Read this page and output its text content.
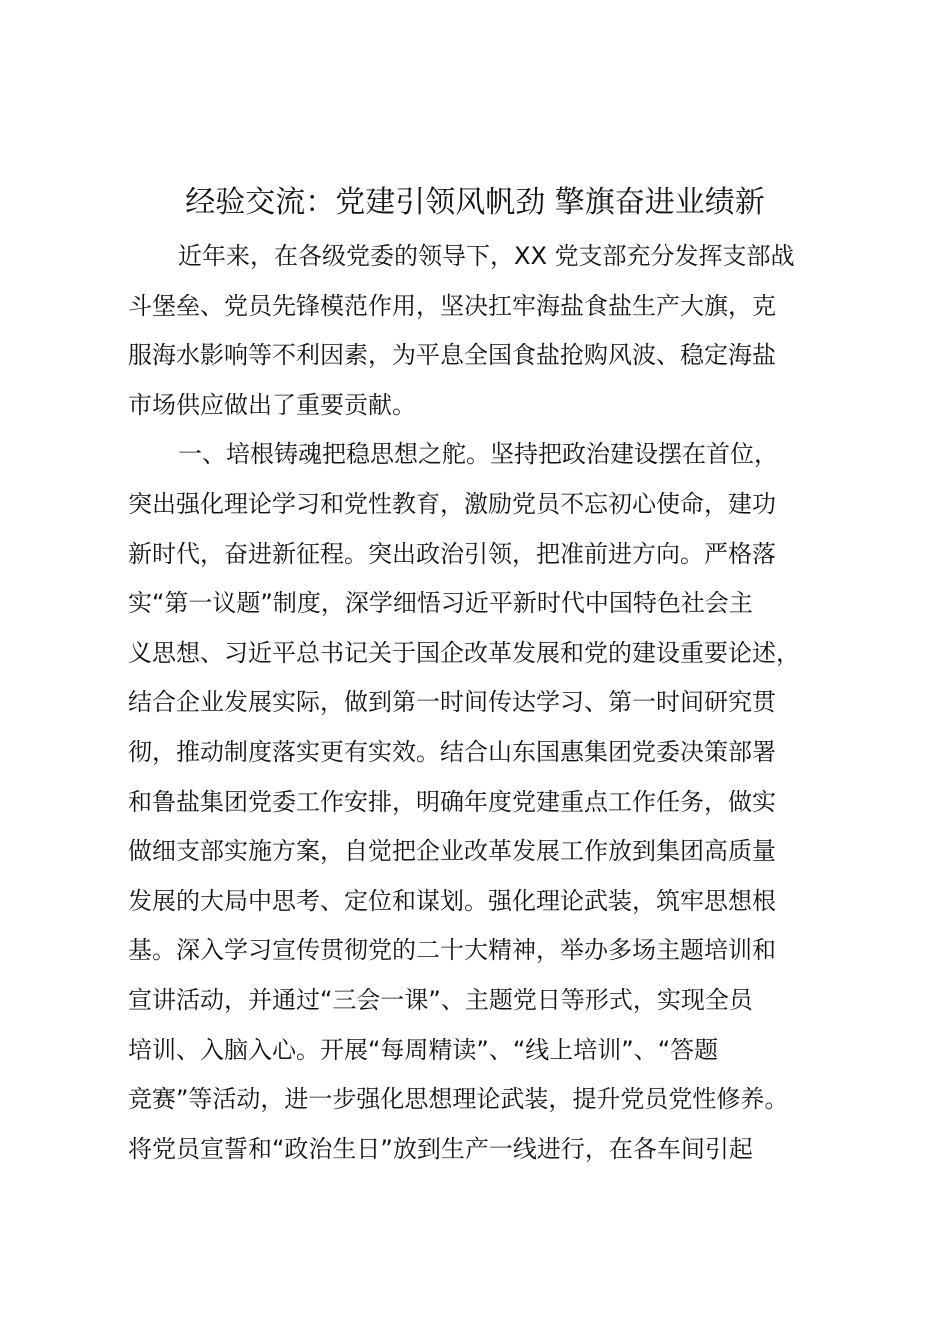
经验交流：党建引领风帆劲 擎旗奋进业绩新
近年来，在各级党委的领导下，XX 党支部充分发挥支部战
斗堡垒、党员先锋模范作用，坚决扛牢海盐食盐生产大旗，克
服海水影响等不利因素，为平息全国食盐抢购风波、稳定海盐
市场供应做出了重要贡献。
一、培根铸魂把稳思想之舵。坚持把政治建设摆在首位，
突出强化理论学习和党性教育，激励党员不忘初心使命，建功
新时代，奋进新征程。突出政治引领，把准前进方向。严格落
实“第一议题”制度，深学细悟习近平新时代中国特色社会主
义思想、习近平总书记关于国企改革发展和党的建设重要论述，
结合企业发展实际，做到第一时间传达学习、第一时间研究贯
彻，推动制度落实更有实效。结合山东国惠集团党委决策部署
和鲁盐集团党委工作安排，明确年度党建重点工作任务，做实
做细支部实施方案，自觉把企业改革发展工作放到集团高质量
发展的大局中思考、定位和谋划。强化理论武装，筑牢思想根
基。深入学习宣传贯彻党的二十大精神，举办多场主题培训和
宣讲活动，并通过“三会一课”、主题党日等形式，实现全员
培训、入脑入心。开展“每周精读”、“线上培训”、“答题
竞赛”等活动，进一步强化思想理论武装，提升党员党性修养。
将党员宣誓和“政治生日”放到生产一线进行，在各车间引起
